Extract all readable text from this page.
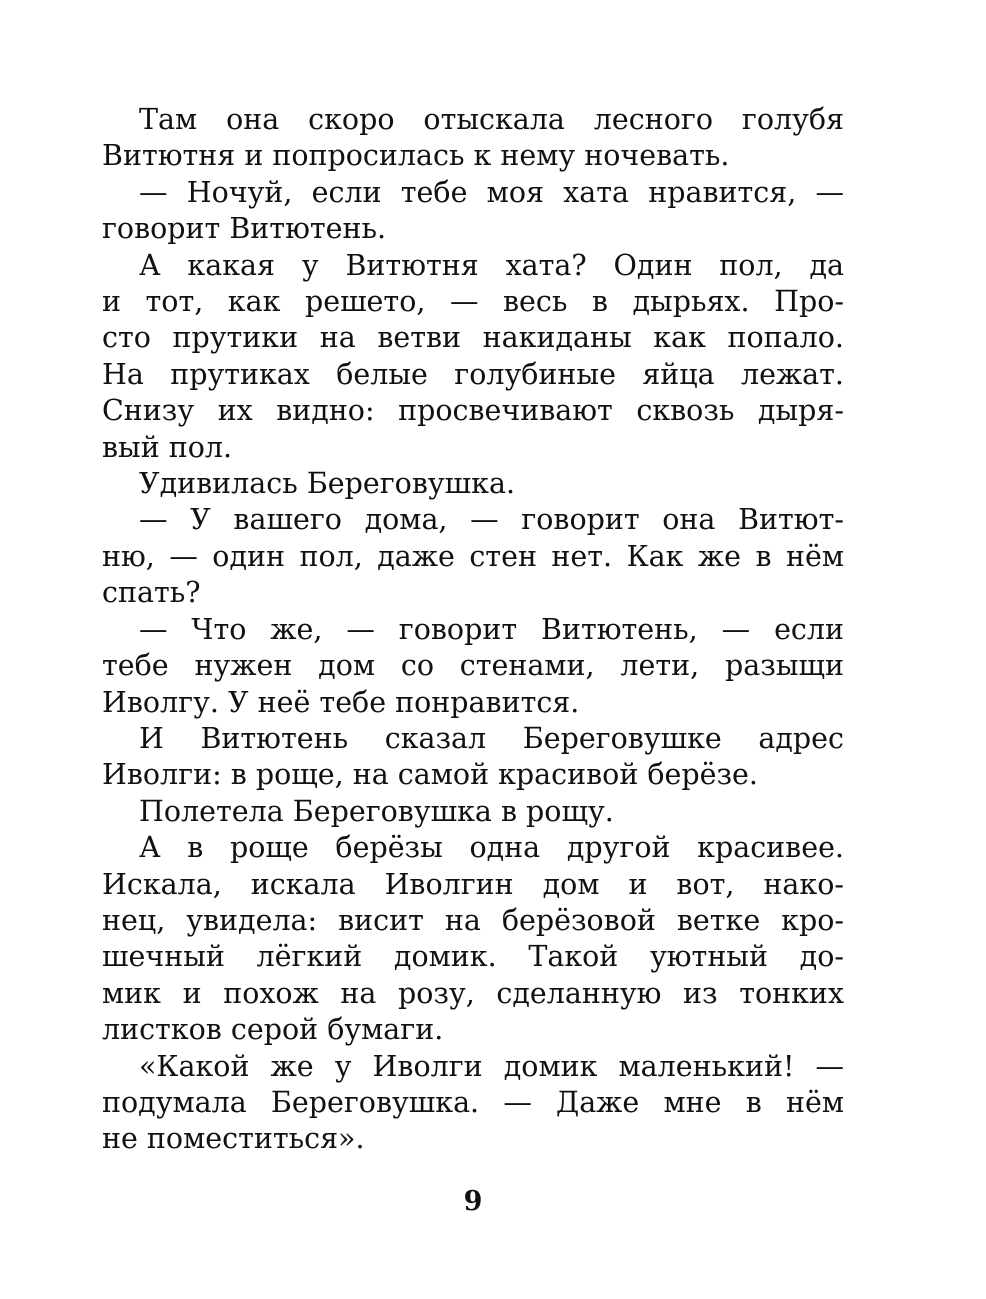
Там она скоро отыскала лесного голубя
Витютня и попросилась к нему ночевать.
— Ночуй, если тебе моя хата нравится, —
говорит Витютень.
А какая у Витютня хата? Один пол, да
и тот, как решето, — весь в дырьях. Про-
сто прутики на ветви накиданы как попало.
На прутиках белые голубиные яйца лежат.
Снизу их видно: просвечивают сквозь дыря-
вый пол.
Удивилась Береговушка.
— У вашего дома, — говорит она Витют-
ню, — один пол, даже стен нет. Как же в нём
спать?
— Что же, — говорит Витютень, — если
тебе нужен дом со стенами, лети, разыщи
Иволгу. У неё тебе понравится.
И Витютень сказал Береговушке адрес
Иволги: в роще, на самой красивой берёзе.
Полетела Береговушка в рощу.
А в роще берёзы одна другой красивее.
Искала, искала Иволгин дом и вот, нако-
нец, увидела: висит на берёзовой ветке кро-
шечный лёгкий домик. Такой уютный до-
мик и похож на розу, сделанную из тонких
листков серой бумаги.
«Какой же у Иволги домик маленький! —
подумала Береговушка. — Даже мне в нём
не поместиться».
9
